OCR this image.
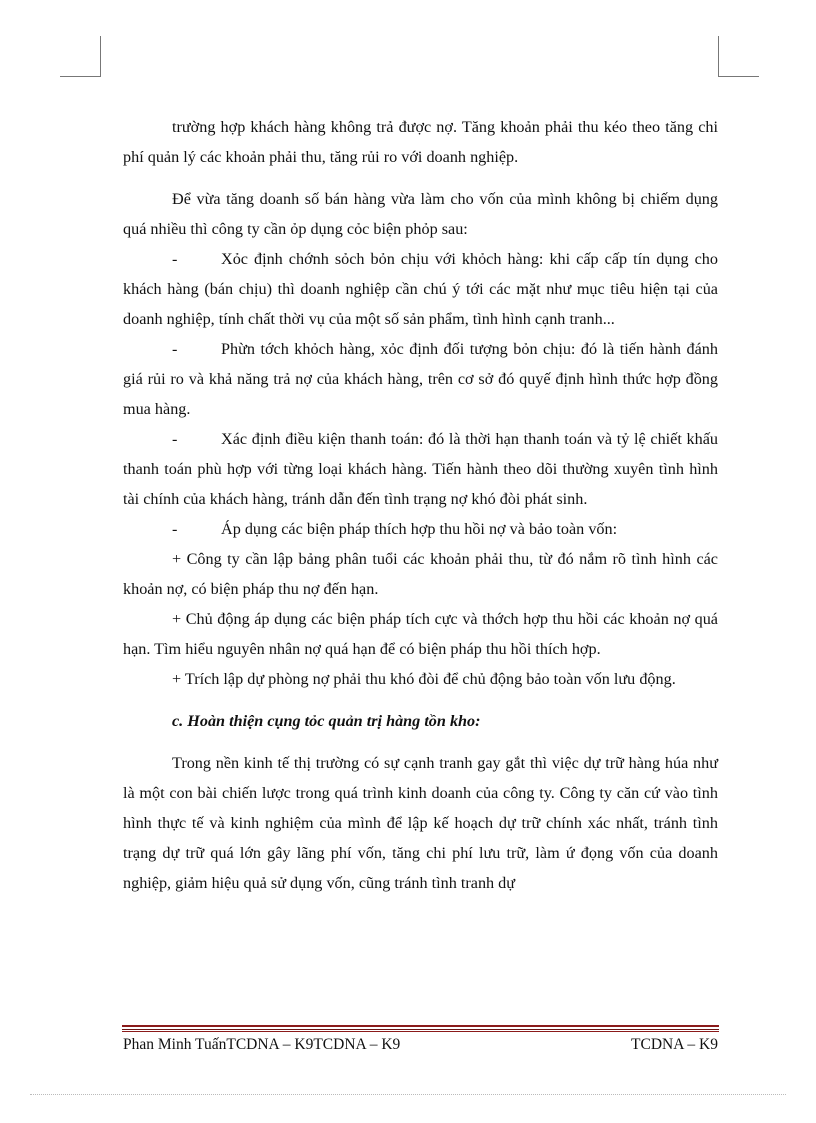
trường hợp khách hàng không trả được nợ. Tăng khoản phải thu kéo theo tăng chi phí quản lý các khoản phải thu, tăng rủi ro với doanh nghiệp.

Để vừa tăng doanh số bán hàng vừa làm cho vốn của mình không bị chiếm dụng quá nhiều thì công ty cần ỏp dụng cỏc biện phỏp sau:

-	Xỏc định chớnh sỏch bỏn chịu với khỏch hàng: khi cấp cấp tín dụng cho khách hàng (bán chịu) thì doanh nghiệp cần chú ý tới các mặt như mục tiêu hiện tại của doanh nghiệp, tính chất thời vụ của một số sản phẩm, tình hình cạnh tranh...

-	Phừn tớch khỏch hàng, xỏc định đối tượng bỏn chịu: đó là tiến hành đánh giá rủi ro và khả năng trả nợ của khách hàng, trên cơ sở đó quyế định hình thức hợp đồng mua hàng.

-	Xác định điều kiện thanh toán: đó là thời hạn thanh toán và tỷ lệ chiết khấu thanh toán phù hợp với từng loại khách hàng. Tiến hành theo dõi thường xuyên tình hình tài chính của khách hàng, tránh dẫn đến tình trạng nợ khó đòi phát sinh.

-	Áp dụng các biện pháp thích hợp thu hồi nợ và bảo toàn vốn:

+ Công ty cần lập bảng phân tuổi các khoản phải thu, từ đó nắm rõ tình hình các khoản nợ, có biện pháp thu nợ đến hạn.

+ Chủ động áp dụng các biện pháp tích cực và thớch hợp thu hồi các khoản nợ quá hạn. Tìm hiểu nguyên nhân nợ quá hạn để có biện pháp thu hồi thích hợp.

+ Trích lập dự phòng nợ phải thu khó đòi để chủ động bảo toàn vốn lưu động.

c. Hoàn thiện cụng tỏc quản trị hàng tồn kho:

Trong nền kinh tế thị trường có sự cạnh tranh gay gắt thì việc dự trữ hàng húa như là một con bài chiến lược trong quá trình kinh doanh của công ty. Công ty căn cứ vào tình hình thực tế và kinh nghiệm của mình để lập kế hoạch dự trữ chính xác nhất, tránh tình trạng dự trữ quá lớn gây lãng phí vốn, tăng chi phí lưu trữ, làm ứ đọng vốn của doanh nghiệp, giảm hiệu quả sử dụng vốn, cũng tránh tình tranh dự

Phan Minh TuấnTCDNA – K9TCDNA – K9	TCDNA – K9
